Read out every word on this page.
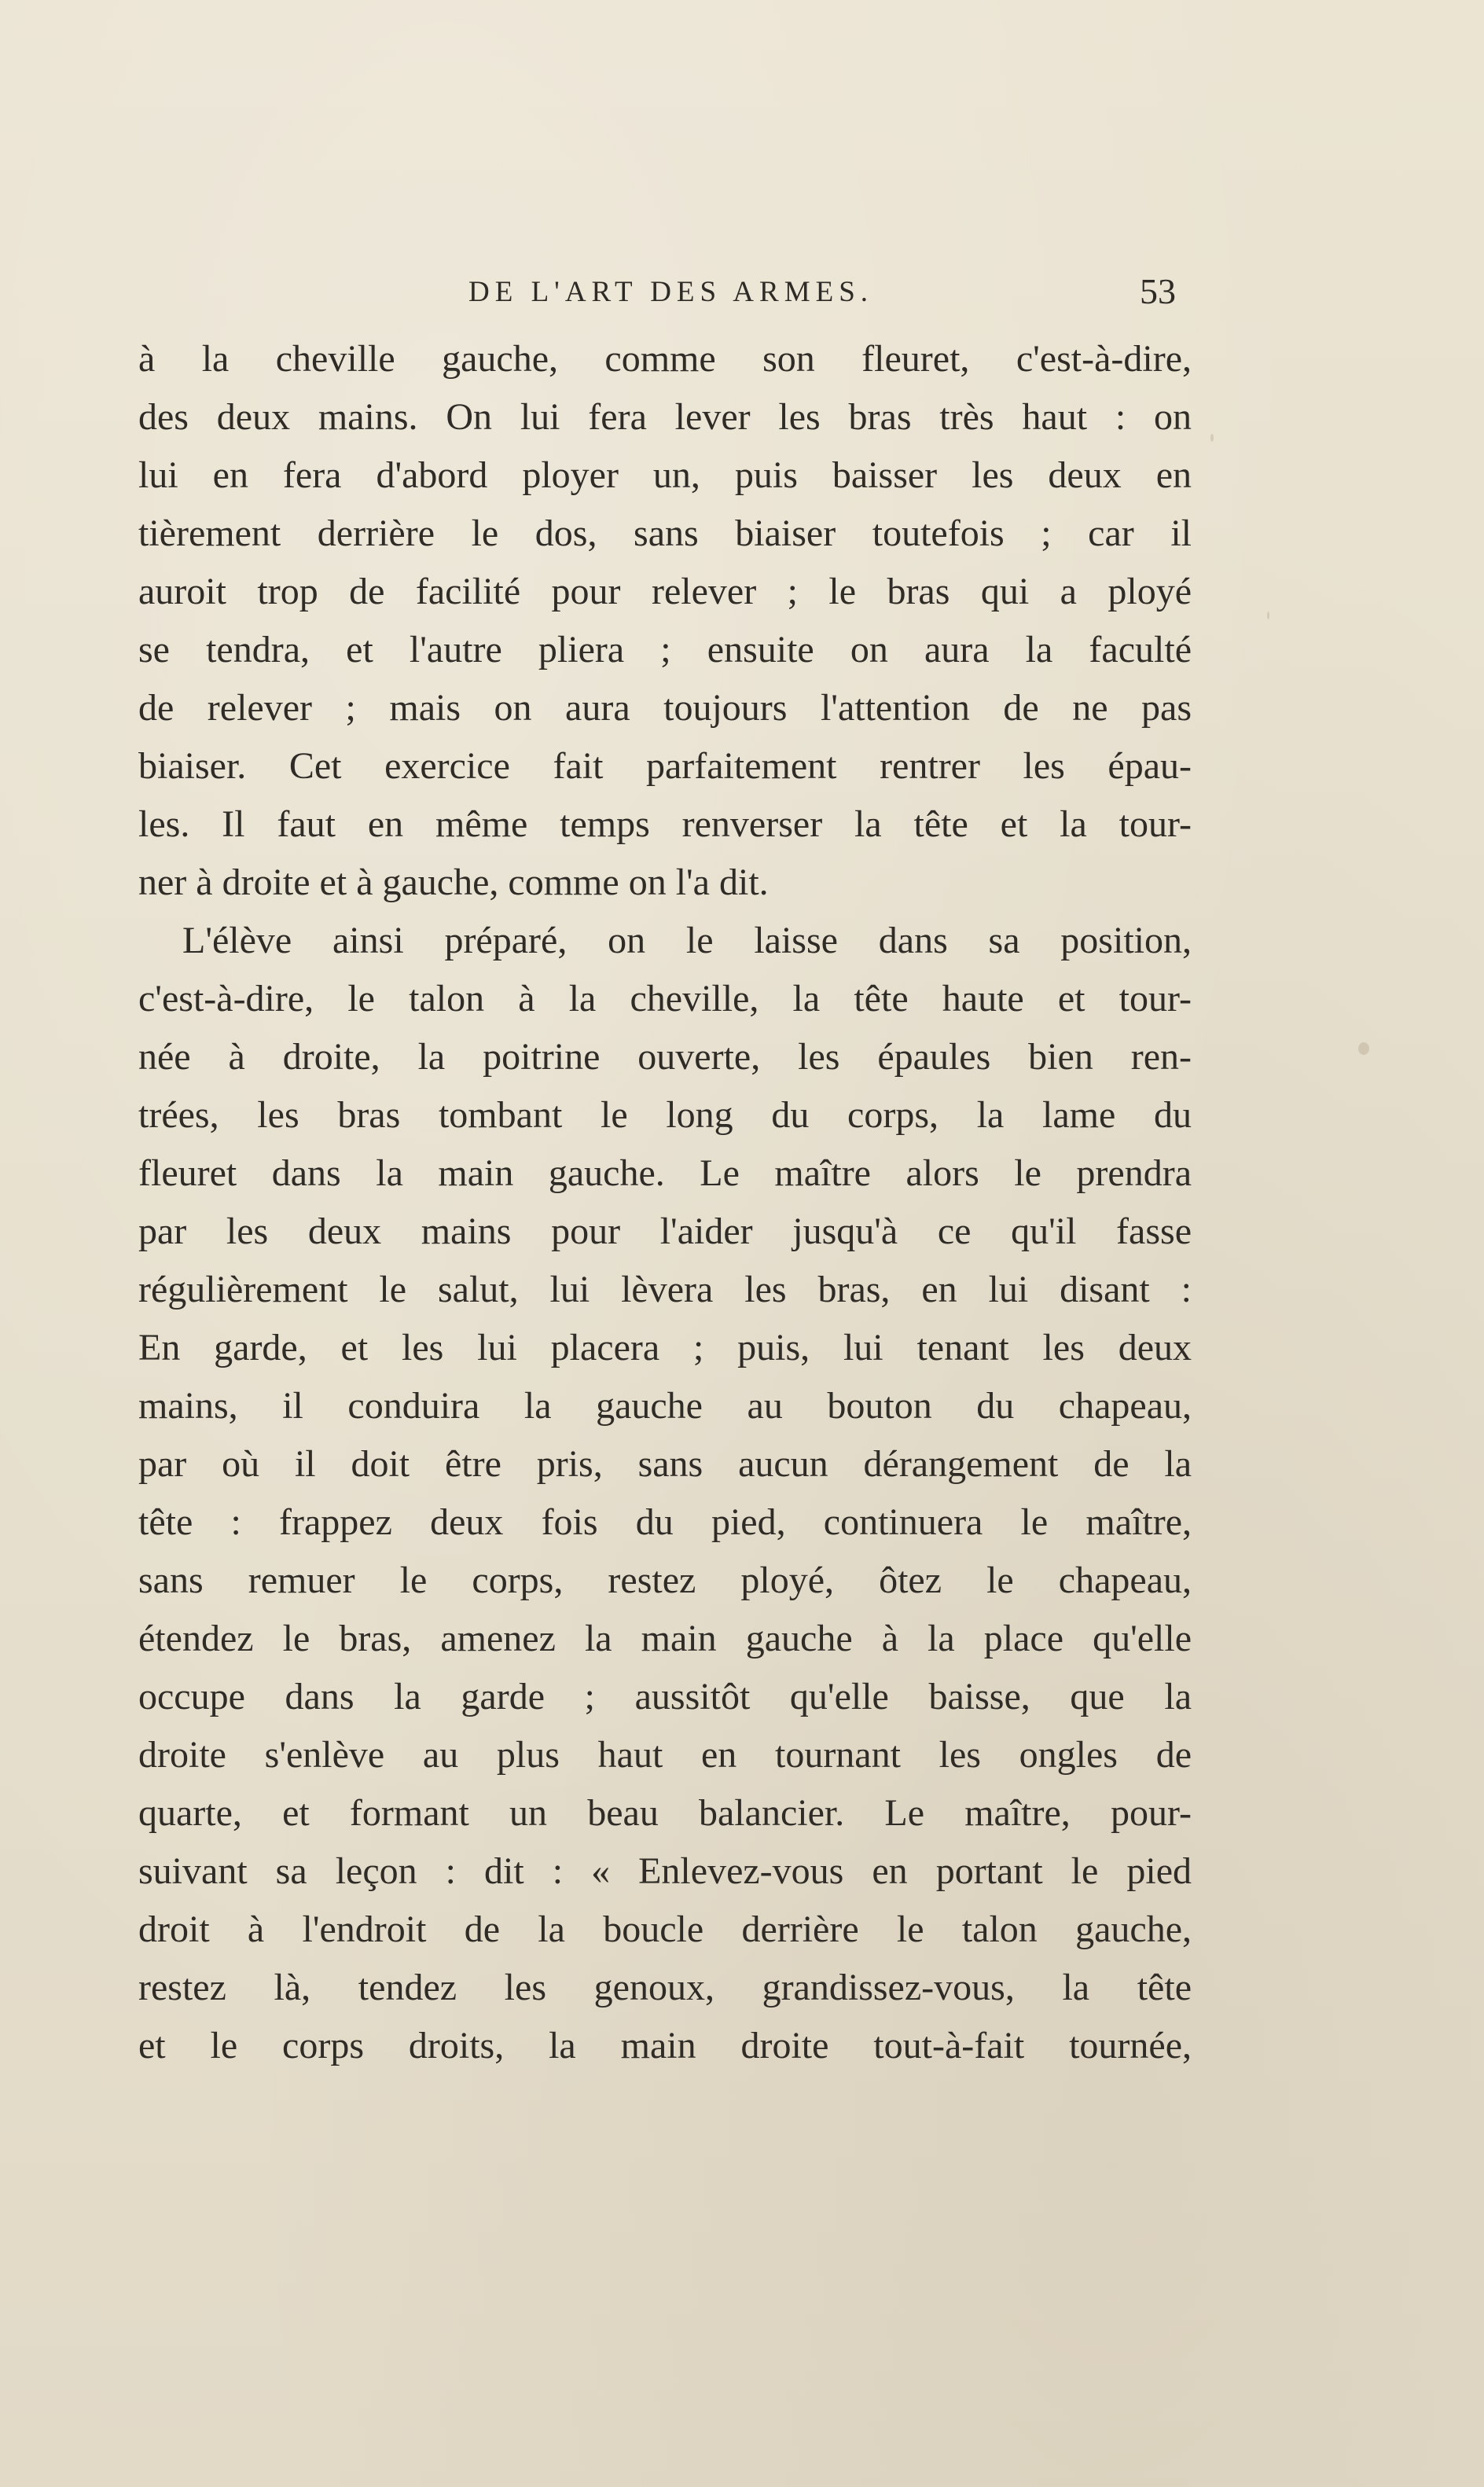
DE L'ART DES ARMES.	53
à la cheville gauche, comme son fleuret, c'est-à-dire,
des deux mains. On lui fera lever les bras très haut : on
lui en fera d'abord ployer un, puis baisser les deux en
tièrement derrière le dos, sans biaiser toutefois ; car il
auroit trop de facilité pour relever ; le bras qui a ployé
se tendra, et l'autre pliera ; ensuite on aura la faculté
de relever ; mais on aura toujours l'attention de ne pas
biaiser. Cet exercice fait parfaitement rentrer les épau-
les. Il faut en même temps renverser la tête et la tour-
ner à droite et à gauche, comme on l'a dit.
L'élève ainsi préparé, on le laisse dans sa position,
c'est-à-dire, le talon à la cheville, la tête haute et tour-
née à droite, la poitrine ouverte, les épaules bien ren-
trées, les bras tombant le long du corps, la lame du
fleuret dans la main gauche. Le maître alors le prendra
par les deux mains pour l'aider jusqu'à ce qu'il fasse
régulièrement le salut, lui lèvera les bras, en lui disant :
En garde, et les lui placera ; puis, lui tenant les deux
mains, il conduira la gauche au bouton du chapeau,
par où il doit être pris, sans aucun dérangement de la
tête : frappez deux fois du pied, continuera le maître,
sans remuer le corps, restez ployé, ôtez le chapeau,
étendez le bras, amenez la main gauche à la place qu'elle
occupe dans la garde ; aussitôt qu'elle baisse, que la
droite s'enlève au plus haut en tournant les ongles de
quarte, et formant un beau balancier. Le maître, pour-
suivant sa leçon : dit : « Enlevez-vous en portant le pied
droit à l'endroit de la boucle derrière le talon gauche,
restez là, tendez les genoux, grandissez-vous, la tête
et le corps droits, la main droite tout-à-fait tournée,
